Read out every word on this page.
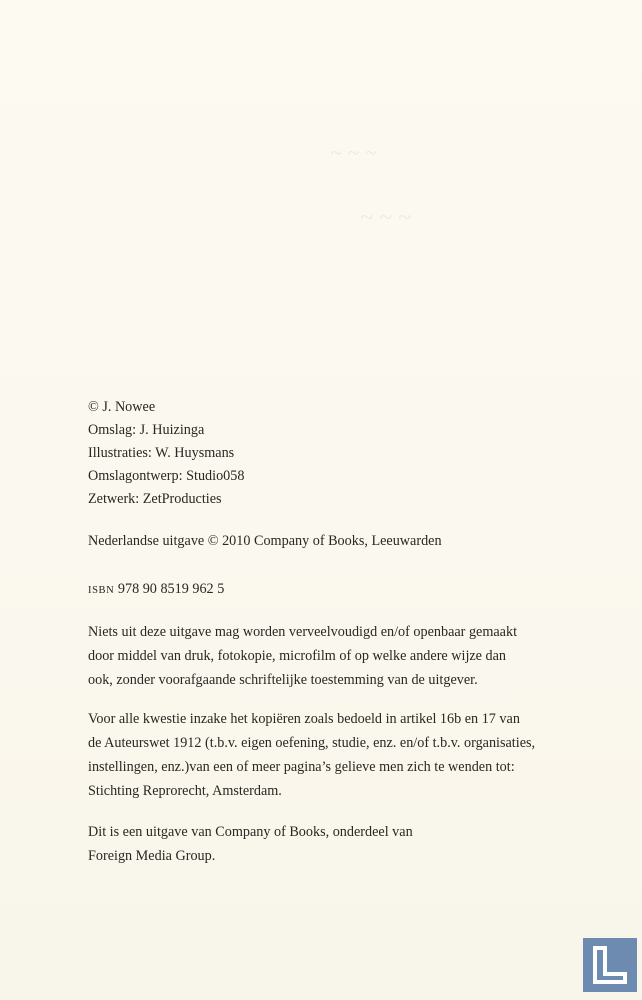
~ ~ ~
~ ~ ~
© J. Nowee
Omslag: J. Huizinga
Illustraties: W. Huysmans
Omslagontwerp: Studio058
Zetwerk: ZetProducties
Nederlandse uitgave © 2010 Company of Books, Leeuwarden
ISBN 978 90 8519 962 5
Niets uit deze uitgave mag worden verveelvoudigd en/of openbaar gemaakt
door middel van druk, fotokopie, microfilm of op welke andere wijze dan
ook, zonder voorafgaande schriftelijke toestemming van de uitgever.
Voor alle kwestie inzake het kopiëren zoals bedoeld in artikel 16b en 17 van
de Auteurswet 1912 (t.b.v. eigen oefening, studie, enz. en/of t.b.v. organisaties,
instellingen, enz.)van een of meer pagina’s gelieve men zich te wenden tot:
Stichting Reprorecht, Amsterdam.
Dit is een uitgave van Company of Books, onderdeel van
Foreign Media Group.
